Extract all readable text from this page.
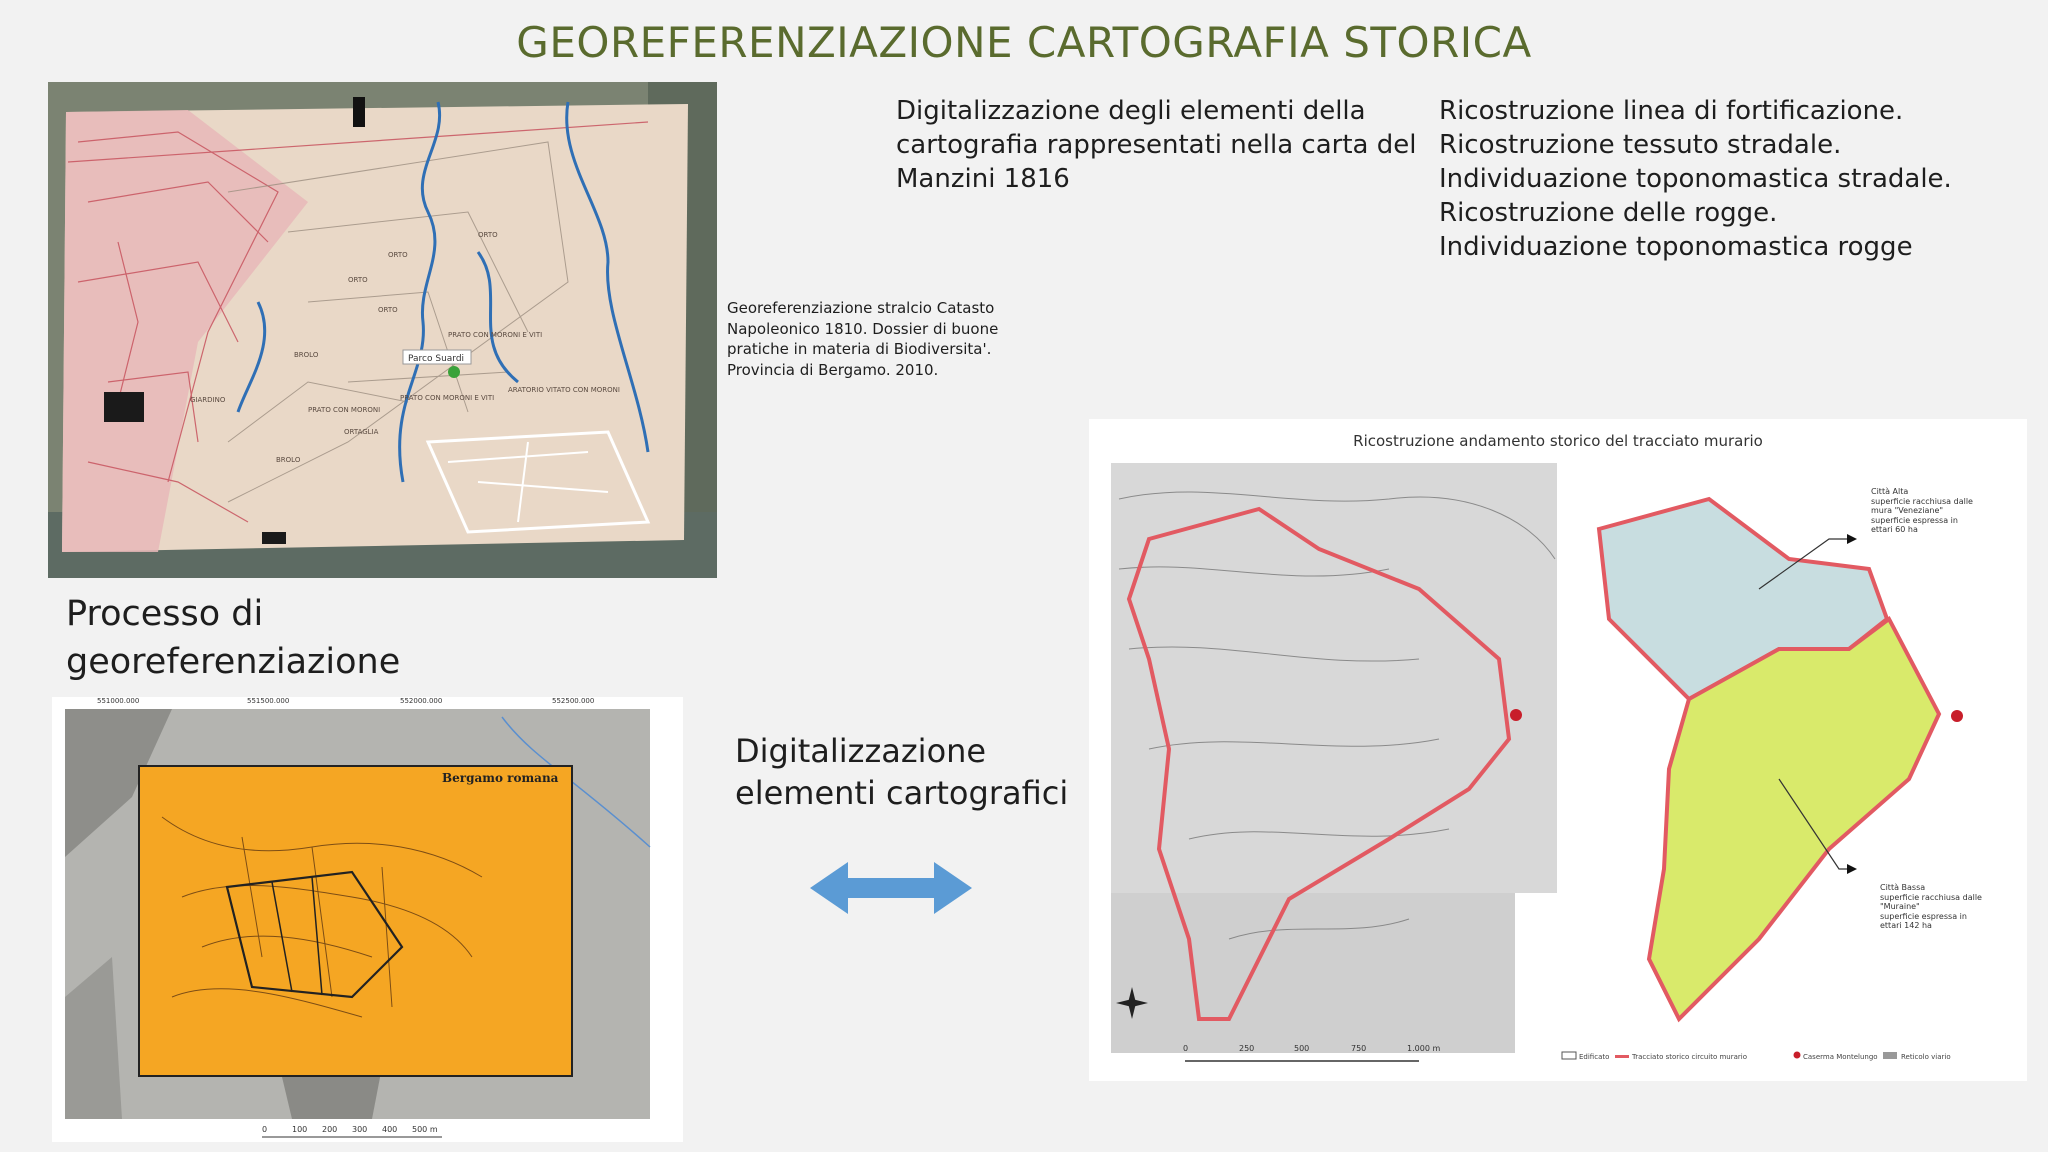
GEOREFERENZIAZIONE CARTOGRAFIA STORICA
Digitalizzazione degli elementi della
cartografia rappresentati nella carta del
Manzini 1816
Ricostruzione linea di fortificazione.
Ricostruzione tessuto stradale.
Individuazione toponomastica stradale.
Ricostruzione delle rogge.
Individuazione toponomastica rogge
Georeferenziazione stralcio Catasto
Napoleonico 1810. Dossier di buone
pratiche in materia di Biodiversita'.
Provincia di Bergamo. 2010.
Processo di
georeferenziazione
Digitalizzazione
elementi cartografici
Parco Suardi
ORTO
ORTO
ORTO
ORTO
BROLO
BROLO
GIARDINO
ORTAGLIA
PRATO CON MORONI E VITI
PRATO CON MORONI E VITI
ARATORIO VITATO CON MORONI
PRATO CON MORONI
551000.000	551500.000	552000.000	552500.000
Bergamo romana
0	100 200 300 400 500 m
Città Alta
superficie racchiusa dalle
mura "Veneziane"
superficie espressa in
ettari 60 ha
Città Bassa
superficie racchiusa dalle
"Muraine"
superficie espressa in
ettari 142 ha
0	250	500	750	1.000 m
Edificato	Tracciato storico circuito murario	Caserma Montelungo	Reticolo viario
Ricostruzione andamento storico del tracciato murario
